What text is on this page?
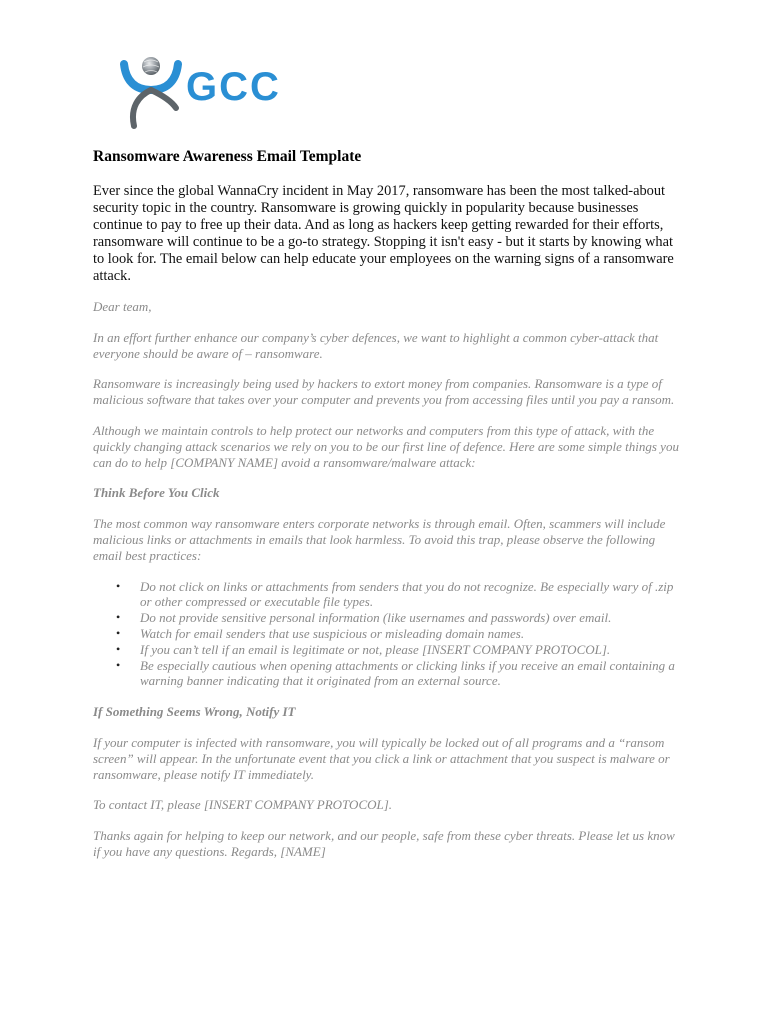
GCC
Ransomware Awareness Email Template

Ever since the global WannaCry incident in May 2017, ransomware has been the most talked-about security topic in the country. Ransomware is growing quickly in popularity because businesses continue to pay to free up their data. And as long as hackers keep getting rewarded for their efforts, ransomware will continue to be a go-to strategy. Stopping it isn't easy - but it starts by knowing what to look for. The email below can help educate your employees on the warning signs of a ransomware attack.

Dear team,

In an effort further enhance our company’s cyber defences, we want to highlight a common cyber-attack that everyone should be aware of – ransomware.

Ransomware is increasingly being used by hackers to extort money from companies. Ransomware is a type of malicious software that takes over your computer and prevents you from accessing files until you pay a ransom.

Although we maintain controls to help protect our networks and computers from this type of attack, with the quickly changing attack scenarios we rely on you to be our first line of defence. Here are some simple things you can do to help [COMPANY NAME] avoid a ransomware/malware attack:

Think Before You Click

The most common way ransomware enters corporate networks is through email. Often, scammers will include malicious links or attachments in emails that look harmless. To avoid this trap, please observe the following email best practices:

• Do not click on links or attachments from senders that you do not recognize. Be especially wary of .zip or other compressed or executable file types.
• Do not provide sensitive personal information (like usernames and passwords) over email.
• Watch for email senders that use suspicious or misleading domain names.
• If you can’t tell if an email is legitimate or not, please [INSERT COMPANY PROTOCOL].
• Be especially cautious when opening attachments or clicking links if you receive an email containing a warning banner indicating that it originated from an external source.

If Something Seems Wrong, Notify IT

If your computer is infected with ransomware, you will typically be locked out of all programs and a “ransom screen” will appear. In the unfortunate event that you click a link or attachment that you suspect is malware or ransomware, please notify IT immediately.

To contact IT, please [INSERT COMPANY PROTOCOL].

Thanks again for helping to keep our network, and our people, safe from these cyber threats. Please let us know if you have any questions. Regards, [NAME]
